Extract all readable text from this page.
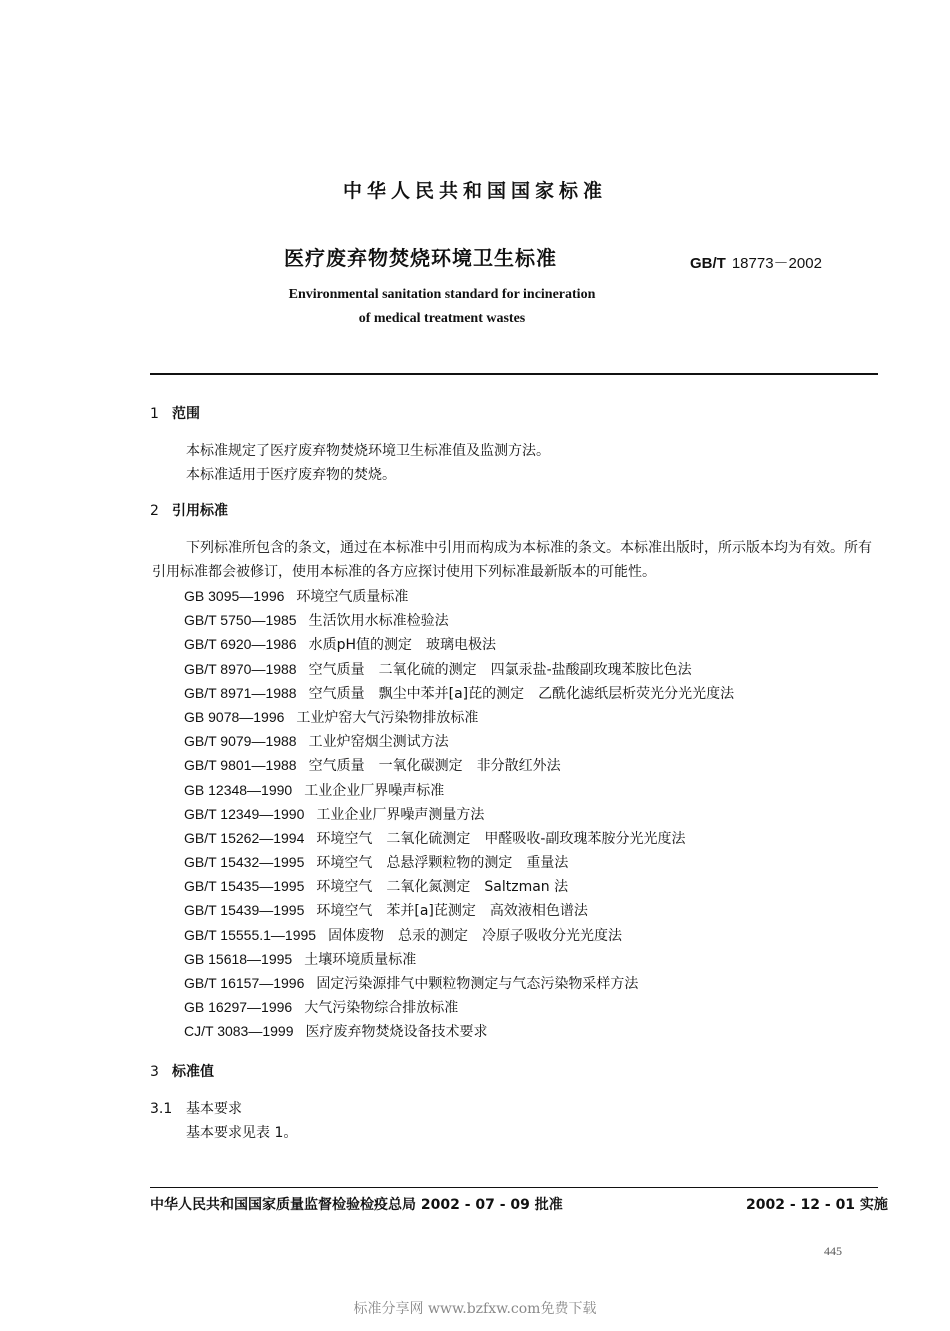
中华人民共和国国家标准
医疗废弃物焚烧环境卫生标准	GB/T 18773－2002
Environmental sanitation standard for incineration
of medical treatment wastes
1 范围
本标准规定了医疗废弃物焚烧环境卫生标准值及监测方法。
本标准适用于医疗废弃物的焚烧。
2 引用标准
下列标准所包含的条文，通过在本标准中引用而构成为本标准的条文。本标准出版时，所示版本均为有效。所有引用标准都会被修订，使用本标准的各方应探讨使用下列标准最新版本的可能性。
GB 3095—1996 环境空气质量标准
GB/T 5750—1985 生活饮用水标准检验法
GB/T 6920—1986 水质pH值的测定　玻璃电极法
GB/T 8970—1988 空气质量　二氧化硫的测定　四氯汞盐-盐酸副玫瑰苯胺比色法
GB/T 8971—1988 空气质量　飘尘中苯并[a]芘的测定　乙酰化滤纸层析荧光分光光度法
GB 9078—1996 工业炉窑大气污染物排放标准
GB/T 9079—1988 工业炉窑烟尘测试方法
GB/T 9801—1988 空气质量　一氧化碳测定　非分散红外法
GB 12348—1990 工业企业厂界噪声标准
GB/T 12349—1990 工业企业厂界噪声测量方法
GB/T 15262—1994 环境空气　二氧化硫测定　甲醛吸收-副玫瑰苯胺分光光度法
GB/T 15432—1995 环境空气　总悬浮颗粒物的测定　重量法
GB/T 15435—1995 环境空气　二氧化氮测定　Saltzman 法
GB/T 15439—1995 环境空气　苯并[a]芘测定　高效液相色谱法
GB/T 15555.1—1995 固体废物　总汞的测定　冷原子吸收分光光度法
GB 15618—1995 土壤环境质量标准
GB/T 16157—1996 固定污染源排气中颗粒物测定与气态污染物采样方法
GB 16297—1996 大气污染物综合排放标准
CJ/T 3083—1999 医疗废弃物焚烧设备技术要求
3 标准值
3.1 基本要求
基本要求见表 1。
中华人民共和国国家质量监督检验检疫总局 2002 - 07 - 09 批准	2002 - 12 - 01 实施
445
标准分享网 www.bzfxw.com免费下载
